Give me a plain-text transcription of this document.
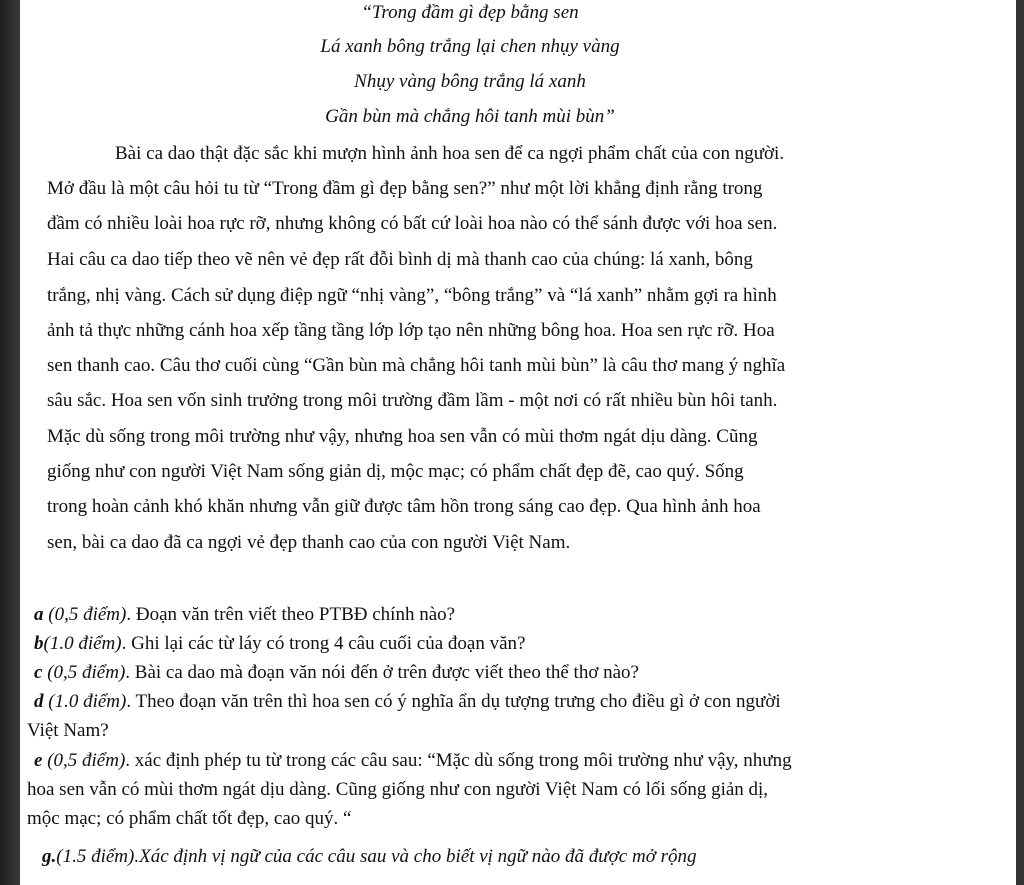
“Trong đầm gì đẹp bằng sen
Lá xanh bông trắng lại chen nhụy vàng
Nhụy vàng bông trắng lá xanh
Gần bùn mà chẳng hôi tanh mùi bùn”
Bài ca dao thật đặc sắc khi mượn hình ảnh hoa sen để ca ngợi phẩm chất của con người.
Mở đầu là một câu hỏi tu từ “Trong đầm gì đẹp bằng sen?” như một lời khẳng định rằng trong
đầm có nhiều loài hoa rực rỡ, nhưng không có bất cứ loài hoa nào có thể sánh được với hoa sen.
Hai câu ca dao tiếp theo vẽ nên vẻ đẹp rất đỗi bình dị mà thanh cao của chúng: lá xanh, bông
trắng, nhị vàng. Cách sử dụng điệp ngữ “nhị vàng”, “bông trắng” và “lá xanh” nhằm gợi ra hình
ảnh tả thực những cánh hoa xếp tầng tầng lớp lớp tạo nên những bông hoa. Hoa sen rực rỡ. Hoa
sen thanh cao. Câu thơ cuối cùng “Gần bùn mà chẳng hôi tanh mùi bùn” là câu thơ mang ý nghĩa
sâu sắc. Hoa sen vốn sinh trưởng trong môi trường đầm lầm - một nơi có rất nhiều bùn hôi tanh.
Mặc dù sống trong môi trường như vậy, nhưng hoa sen vẫn có mùi thơm ngát dịu dàng. Cũng
giống như con người Việt Nam sống giản dị, mộc mạc; có phẩm chất đẹp đẽ, cao quý. Sống
trong hoàn cảnh khó khăn nhưng vẫn giữ được tâm hồn trong sáng cao đẹp. Qua hình ảnh hoa
sen, bài ca dao đã ca ngợi vẻ đẹp thanh cao của con người Việt Nam.
a (0,5 điểm). Đoạn văn trên viết theo PTBĐ chính nào?
b(1.0 điểm). Ghi lại các từ láy có trong 4 câu cuối của đoạn văn?
c (0,5 điểm). Bài ca dao mà đoạn văn nói đến ở trên được viết theo thể thơ nào?
d (1.0 điểm). Theo đoạn văn trên thì hoa sen có ý nghĩa ẩn dụ tượng trưng cho điều gì ở con người
Việt Nam?
e (0,5 điểm). xác định phép tu từ trong các câu sau: “Mặc dù sống trong môi trường như vậy, nhưng
hoa sen vẫn có mùi thơm ngát dịu dàng. Cũng giống như con người Việt Nam có lối sống giản dị,
mộc mạc; có phẩm chất tốt đẹp, cao quý. “
g.(1.5 điểm).Xác định vị ngữ của các câu sau và cho biết vị ngữ nào đã được mở rộng
